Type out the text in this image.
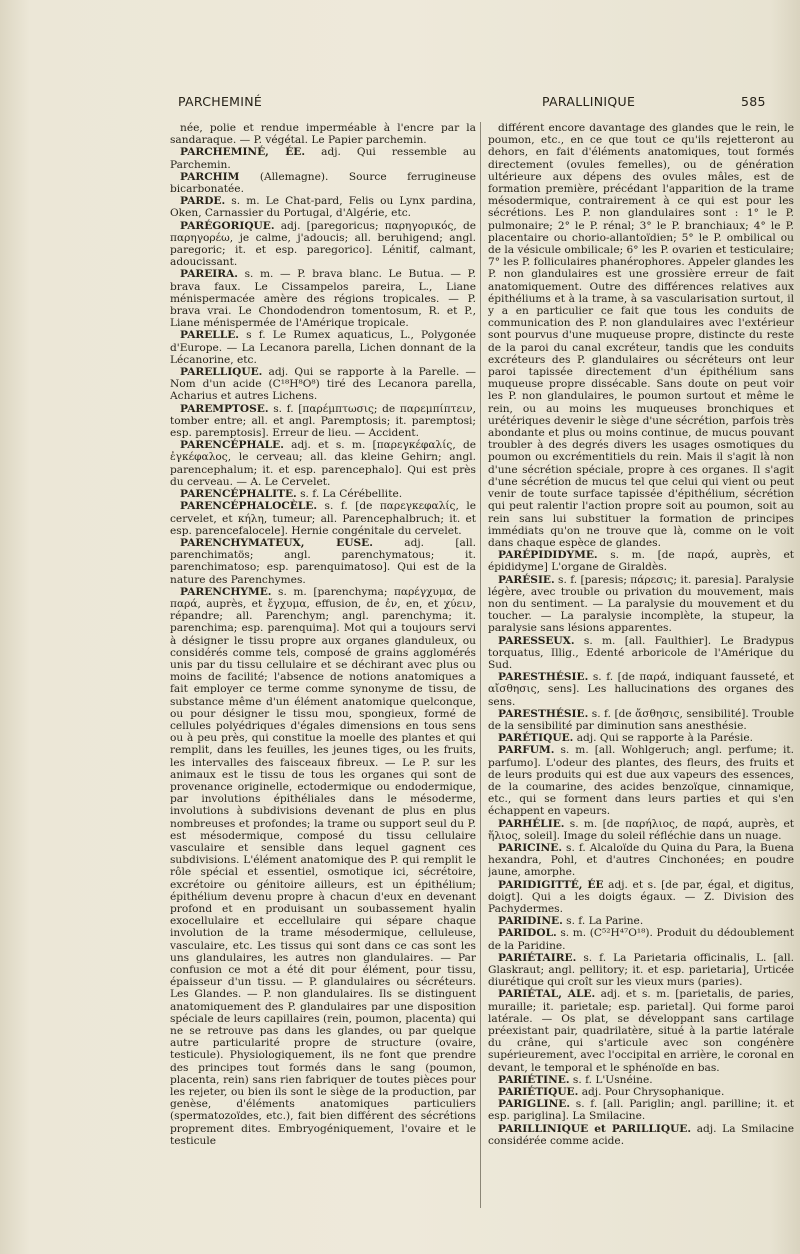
PARCHEMINÉ	PARALLINIQUE	585

née, polie et rendue imperméable à l'encre par la sandaraque. — P. végétal. Le Papier parchemin.

PARCHEMINÉ, ÉE. adj. Qui ressemble au Parchemin.

PARCHIM (Allemagne). Source ferrugineuse bicarbonatée.

PARDE. s. m. Le Chat-pard, Felis ou Lynx pardina, Oken, Carnassier du Portugal, d'Algérie, etc.

PARÉGORIQUE. adj. [paregoricus; παρηγορικός, de παρηγορέω, je calme, j'adoucis; all. beruhigend; angl. paregoric; it. et esp. paregorico]. Lénitif, calmant, adoucissant.

PAREIRA. s. m. — P. brava blanc. Le Butua. — P. brava faux. Le Cissampelos pareira, L., Liane ménispermacée amère des régions tropicales. — P. brava vrai. Le Chondodendron tomentosum, R. et P., Liane ménispermée de l'Amérique tropicale.

PARELLE. s f. Le Rumex aquaticus, L., Polygonée d'Europe. — La Lecanora parella, Lichen donnant de la Lécanorine, etc.

PARELLIQUE. adj. Qui se rapporte à la Parelle. — Nom d'un acide (C¹⁸H⁸O⁸) tiré des Lecanora parella, Acharius et autres Lichens.

PAREMPTOSE. s. f. [παρέμπτωσις; de παρεμπίπτειν, tomber entre; all. et angl. Paremptosis; it. paremptosi; esp. paremptosis]. Erreur de lieu. — Accident.

PARENCÉPHALE. adj. et s. m. [παρεγκέφαλίς, de ἐγκέφαλος, le cerveau; all. das kleine Gehirn; angl. parencephalum; it. et esp. parencephalo]. Qui est près du cerveau. — A. Le Cervelet.

PARENCÉPHALITE. s. f. La Cérébellite.

PARENCÉPHALOCÈLE. s. f. [de παρεγκεφαλίς, le cervelet, et κήλη, tumeur; all. Parencephalbruch; it. et esp. parencefalocele]. Hernie congénitale du cervelet.

PARENCHYMATEUX, EUSE. adj. [all. parenchimatös; angl. parenchymatous; it. parenchimatoso; esp. parenquimatoso]. Qui est de la nature des Parenchymes.

PARENCHYME. s. m. [parenchyma; παρέγχυμα, de παρά, auprès, et ἔγχυμα, effusion, de ἐν, en, et χύειν, répandre; all. Parenchym; angl. parenchyma; it. parenchima; esp. parenquima]. Mot qui a toujours servi à désigner le tissu propre aux organes glanduleux, ou considérés comme tels, composé de grains agglomérés unis par du tissu cellulaire et se déchirant avec plus ou moins de facilité; l'absence de notions anatomiques a fait employer ce terme comme synonyme de tissu, de substance même d'un élément anatomique quelconque, ou pour désigner le tissu mou, spongieux, formé de cellules polyédriques d'égales dimensions en tous sens ou à peu près, qui constitue la moelle des plantes et qui remplit, dans les feuilles, les jeunes tiges, ou les fruits, les intervalles des faisceaux fibreux. — Le P. sur les animaux est le tissu de tous les organes qui sont de provenance originelle, ectodermique ou endodermique, par involutions épithéliales dans le mésoderme, involutions à subdivisions devenant de plus en plus nombreuses et profondes; la trame ou support seul du P. est mésodermique, composé du tissu cellulaire vasculaire et sensible dans lequel gagnent ces subdivisions. L'élément anatomique des P. qui remplit le rôle spécial et essentiel, osmotique ici, sécrétoire, excrétoire ou génitoire ailleurs, est un épithélium; épithélium devenu propre à chacun d'eux en devenant profond et en produisant un soubassement hyalin exocellulaire et eccellulaire qui sépare chaque involution de la trame mésodermique, celluleuse, vasculaire, etc. Les tissus qui sont dans ce cas sont les uns glandulaires, les autres non glandulaires. — Par confusion ce mot a été dit pour élément, pour tissu, épaisseur d'un tissu. — P. glandulaires ou sécréteurs. Les Glandes. — P. non glandulaires. Ils se distinguent anatomiquement des P. glandulaires par une disposition spéciale de leurs capillaires (rein, poumon, placenta) qui ne se retrouve pas dans les glandes, ou par quelque autre particularité propre de structure (ovaire, testicule). Physiologiquement, ils ne font que prendre des principes tout formés dans le sang (poumon, placenta, rein) sans rien fabriquer de toutes pièces pour les rejeter, ou bien ils sont le siège de la production, par genèse, d'éléments anatomiques particuliers (spermatozoïdes, etc.), fait bien différent des sécrétions proprement dites. Embryogéniquement, l'ovaire et le testicule

différent encore davantage des glandes que le rein, le poumon, etc., en ce que tout ce qu'ils rejetteront au dehors, en fait d'éléments anatomiques, tout formés directement (ovules femelles), ou de génération ultérieure aux dépens des ovules mâles, est de formation première, précédant l'apparition de la trame mésodermique, contrairement à ce qui est pour les sécrétions. Les P. non glandulaires sont : 1° le P. pulmonaire; 2° le P. rénal; 3° le P. branchiaux; 4° le P. placentaire ou chorio-allantoïdien; 5° le P. ombilical ou de la vésicule ombilicale; 6° les P. ovarien et testiculaire; 7° les P. folliculaires phanérophores. Appeler glandes les P. non glandulaires est une grossière erreur de fait anatomiquement. Outre des différences relatives aux épithéliums et à la trame, à sa vascularisation surtout, il y a en particulier ce fait que tous les conduits de communication des P. non glandulaires avec l'extérieur sont pourvus d'une muqueuse propre, distincte du reste de la paroi du canal excréteur, tandis que les conduits excréteurs des P. glandulaires ou sécréteurs ont leur paroi tapissée directement d'un épithélium sans muqueuse propre dissécable. Sans doute on peut voir les P. non glandulaires, le poumon surtout et même le rein, ou au moins les muqueuses bronchiques et urétériques devenir le siège d'une sécrétion, parfois très abondante et plus ou moins continue, de mucus pouvant troubler à des degrés divers les usages osmotiques du poumon ou excrémentitiels du rein. Mais il s'agit là non d'une sécrétion spéciale, propre à ces organes. Il s'agit d'une sécrétion de mucus tel que celui qui vient ou peut venir de toute surface tapissée d'épithélium, sécrétion qui peut ralentir l'action propre soit au poumon, soit au rein sans lui substituer la formation de principes immédiats qu'on ne trouve que là, comme on le voit dans chaque espèce de glandes.

PARÉPIDIDYME. s. m. [de παρά, auprès, et épididyme] L'organe de Giraldès.

PARÉSIE. s. f. [paresis; πάρεσις; it. paresia]. Paralysie légère, avec trouble ou privation du mouvement, mais non du sentiment. — La paralysie du mouvement et du toucher. — La paralysie incomplète, la stupeur, la paralysie sans lésions apparentes.

PARESSEUX. s. m. [all. Faulthier]. Le Bradypus torquatus, Illig., Edenté arboricole de l'Amérique du Sud.

PARESTHÉSIE. s. f. [de παρά, indiquant fausseté, et αἴσθησις, sens]. Les hallucinations des organes des sens.

PARESTHÉSIE. s. f. [de ἄσθησις, sensibilité]. Trouble de la sensibilité par diminution sans anesthésie.

PARÉTIQUE. adj. Qui se rapporte à la Parésie.

PARFUM. s. m. [all. Wohlgeruch; angl. perfume; it. parfumo]. L'odeur des plantes, des fleurs, des fruits et de leurs produits qui est due aux vapeurs des essences, de la coumarine, des acides benzoïque, cinnamique, etc., qui se forment dans leurs parties et qui s'en échappent en vapeurs.

PARHÉLIE. s. m. [de παρήλιος, de παρά, auprès, et ἥλιος, soleil]. Image du soleil réfléchie dans un nuage.

PARICINE. s. f. Alcaloïde du Quina du Para, la Buena hexandra, Pohl, et d'autres Cinchonées; en poudre jaune, amorphe.

PARIDIGITTÉ, ÉE adj. et s. [de par, égal, et digitus, doigt]. Qui a les doigts égaux. — Z. Division des Pachydermes.

PARIDINE. s. f. La Parine.

PARIDOL. s. m. (C⁵²H⁴⁷O¹⁸). Produit du dédoublement de la Paridine.

PARIÉTAIRE. s. f. La Parietaria officinalis, L. [all. Glaskraut; angl. pellitory; it. et esp. parietaria], Urticée diurétique qui croît sur les vieux murs (paries).

PARIÉTAL, ALE. adj. et s. m. [parietalis, de paries, muraille; it. parietale; esp. parietal]. Qui forme paroi latérale. — Os plat, se développant sans cartilage préexistant pair, quadrilatère, situé à la partie latérale du crâne, qui s'articule avec son congénère supérieurement, avec l'occipital en arrière, le coronal en devant, le temporal et le sphénoïde en bas.

PARIÉTINE. s. f. L'Usnéine.

PARIÉTIQUE. adj. Pour Chrysophanique.

PARIGLINE. s. f. [all. Pariglin; angl. parilline; it. et esp. pariglina]. La Smilacine.

PARILLINIQUE et PARILLIQUE. adj. La Smilacine considérée comme acide.
